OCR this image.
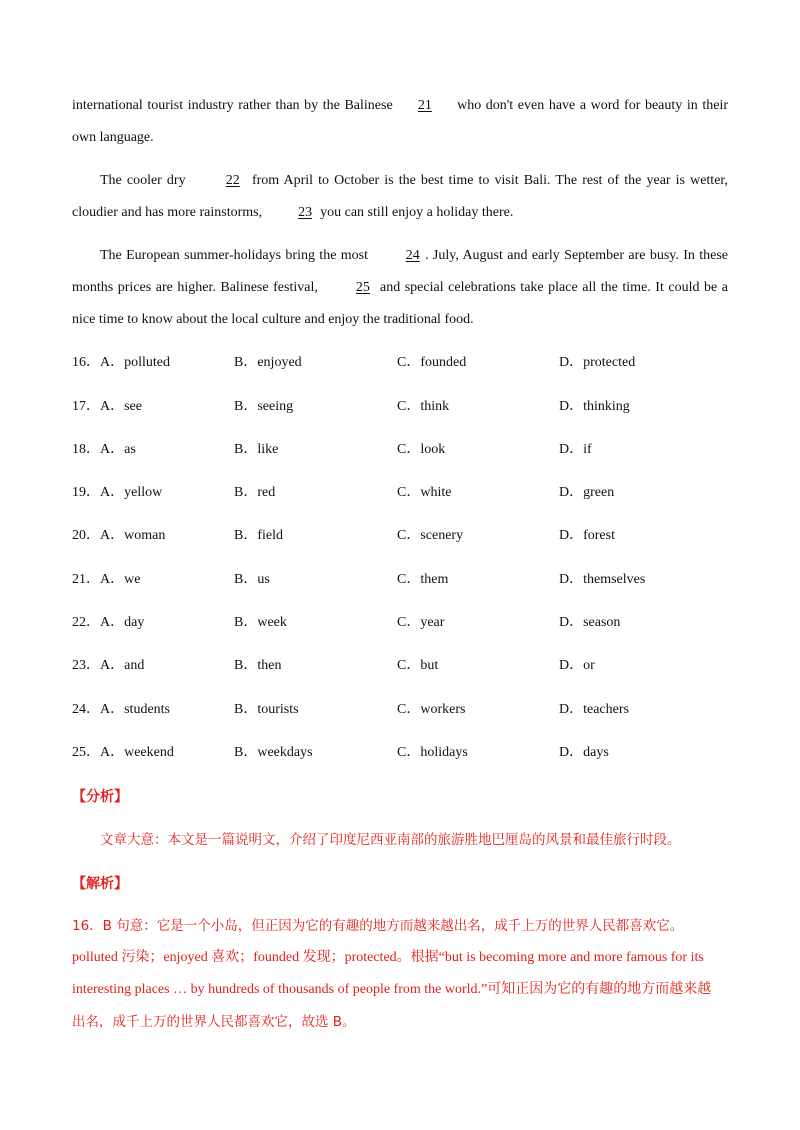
international tourist industry rather than by the Balinese 21 who don't even have a word for beauty in their own language.

The cooler dry	22 from April to October is the best time to visit Bali. The rest of the year is wetter, cloudier and has more rainstorms,	23 you can still enjoy a holiday there.

The European summer-holidays bring the most	24 . July, August and early September are busy. In these months prices are higher. Balinese festival,	25 and special celebrations take place all the time. It could be a nice time to know about the local culture and enjoy the traditional food.

16．A．polluted	B．enjoyed	C．founded	D．protected
17．A．see	B．seeing	C．think	D．thinking
18．A．as	B．like	C．look	D．if
19．A．yellow	B．red	C．white	D．green
20．A．woman	B．field	C．scenery	D．forest
21．A．we	B．us	C．them	D．themselves
22．A．day	B．week	C．year	D．season
23．A．and	B．then	C．but	D．or
24．A．students	B．tourists	C．workers	D．teachers
25．A．weekend	B．weekdays	C．holidays	D．days
【分析】
文章大意：本文是一篇说明文，介绍了印度尼西亚南部的旅游胜地巴厘岛的风景和最佳旅行时段。
【解析】
16．B 句意：它是一个小岛，但正因为它的有趣的地方而越来越出名，成千上万的世界人民都喜欢它。
polluted 污染；enjoyed 喜欢；founded 发现；protected。根据“but is becoming more and more famous for its
interesting places … by hundreds of thousands of people from the world.”可知正因为它的有趣的地方而越来越
出名，成千上万的世界人民都喜欢它，故选 B。
